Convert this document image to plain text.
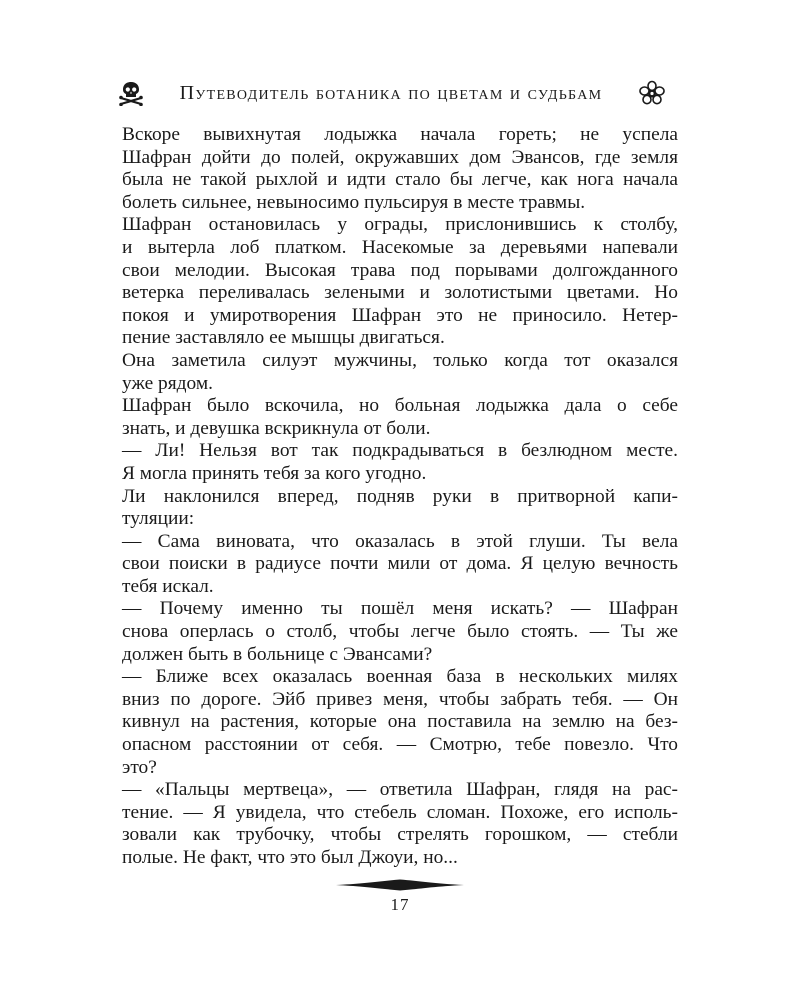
Путеводитель ботаника по цветам и судьбам
Вскоре вывихнутая лодыжка начала гореть; не успела
Шафран дойти до полей, окружавших дом Эвансов, где земля
была не такой рыхлой и идти стало бы легче, как нога начала
болеть сильнее, невыносимо пульсируя в месте травмы.
Шафран остановилась у ограды, прислонившись к столбу,
и вытерла лоб платком. Насекомые за деревьями напевали
свои мелодии. Высокая трава под порывами долгожданного
ветерка переливалась зелеными и золотистыми цветами. Но
покоя и умиротворения Шафран это не приносило. Нетер-
пение заставляло ее мышцы двигаться.
Она заметила силуэт мужчины, только когда тот оказался
уже рядом.
Шафран было вскочила, но больная лодыжка дала о себе
знать, и девушка вскрикнула от боли.
— Ли! Нельзя вот так подкрадываться в безлюдном месте.
Я могла принять тебя за кого угодно.
Ли наклонился вперед, подняв руки в притворной капи-
туляции:
— Сама виновата, что оказалась в этой глуши. Ты вела
свои поиски в радиусе почти мили от дома. Я целую вечность
тебя искал.
— Почему именно ты пошёл меня искать? — Шафран
снова оперлась о столб, чтобы легче было стоять. — Ты же
должен быть в больнице с Эвансами?
— Ближе всех оказалась военная база в нескольких милях
вниз по дороге. Эйб привез меня, чтобы забрать тебя. — Он
кивнул на растения, которые она поставила на землю на без-
опасном расстоянии от себя. — Смотрю, тебе повезло. Что
это?
— «Пальцы мертвеца», — ответила Шафран, глядя на рас-
тение. — Я увидела, что стебель сломан. Похоже, его исполь-
зовали как трубочку, чтобы стрелять горошком, — стебли
полые. Не факт, что это был Джоуи, но...
17
